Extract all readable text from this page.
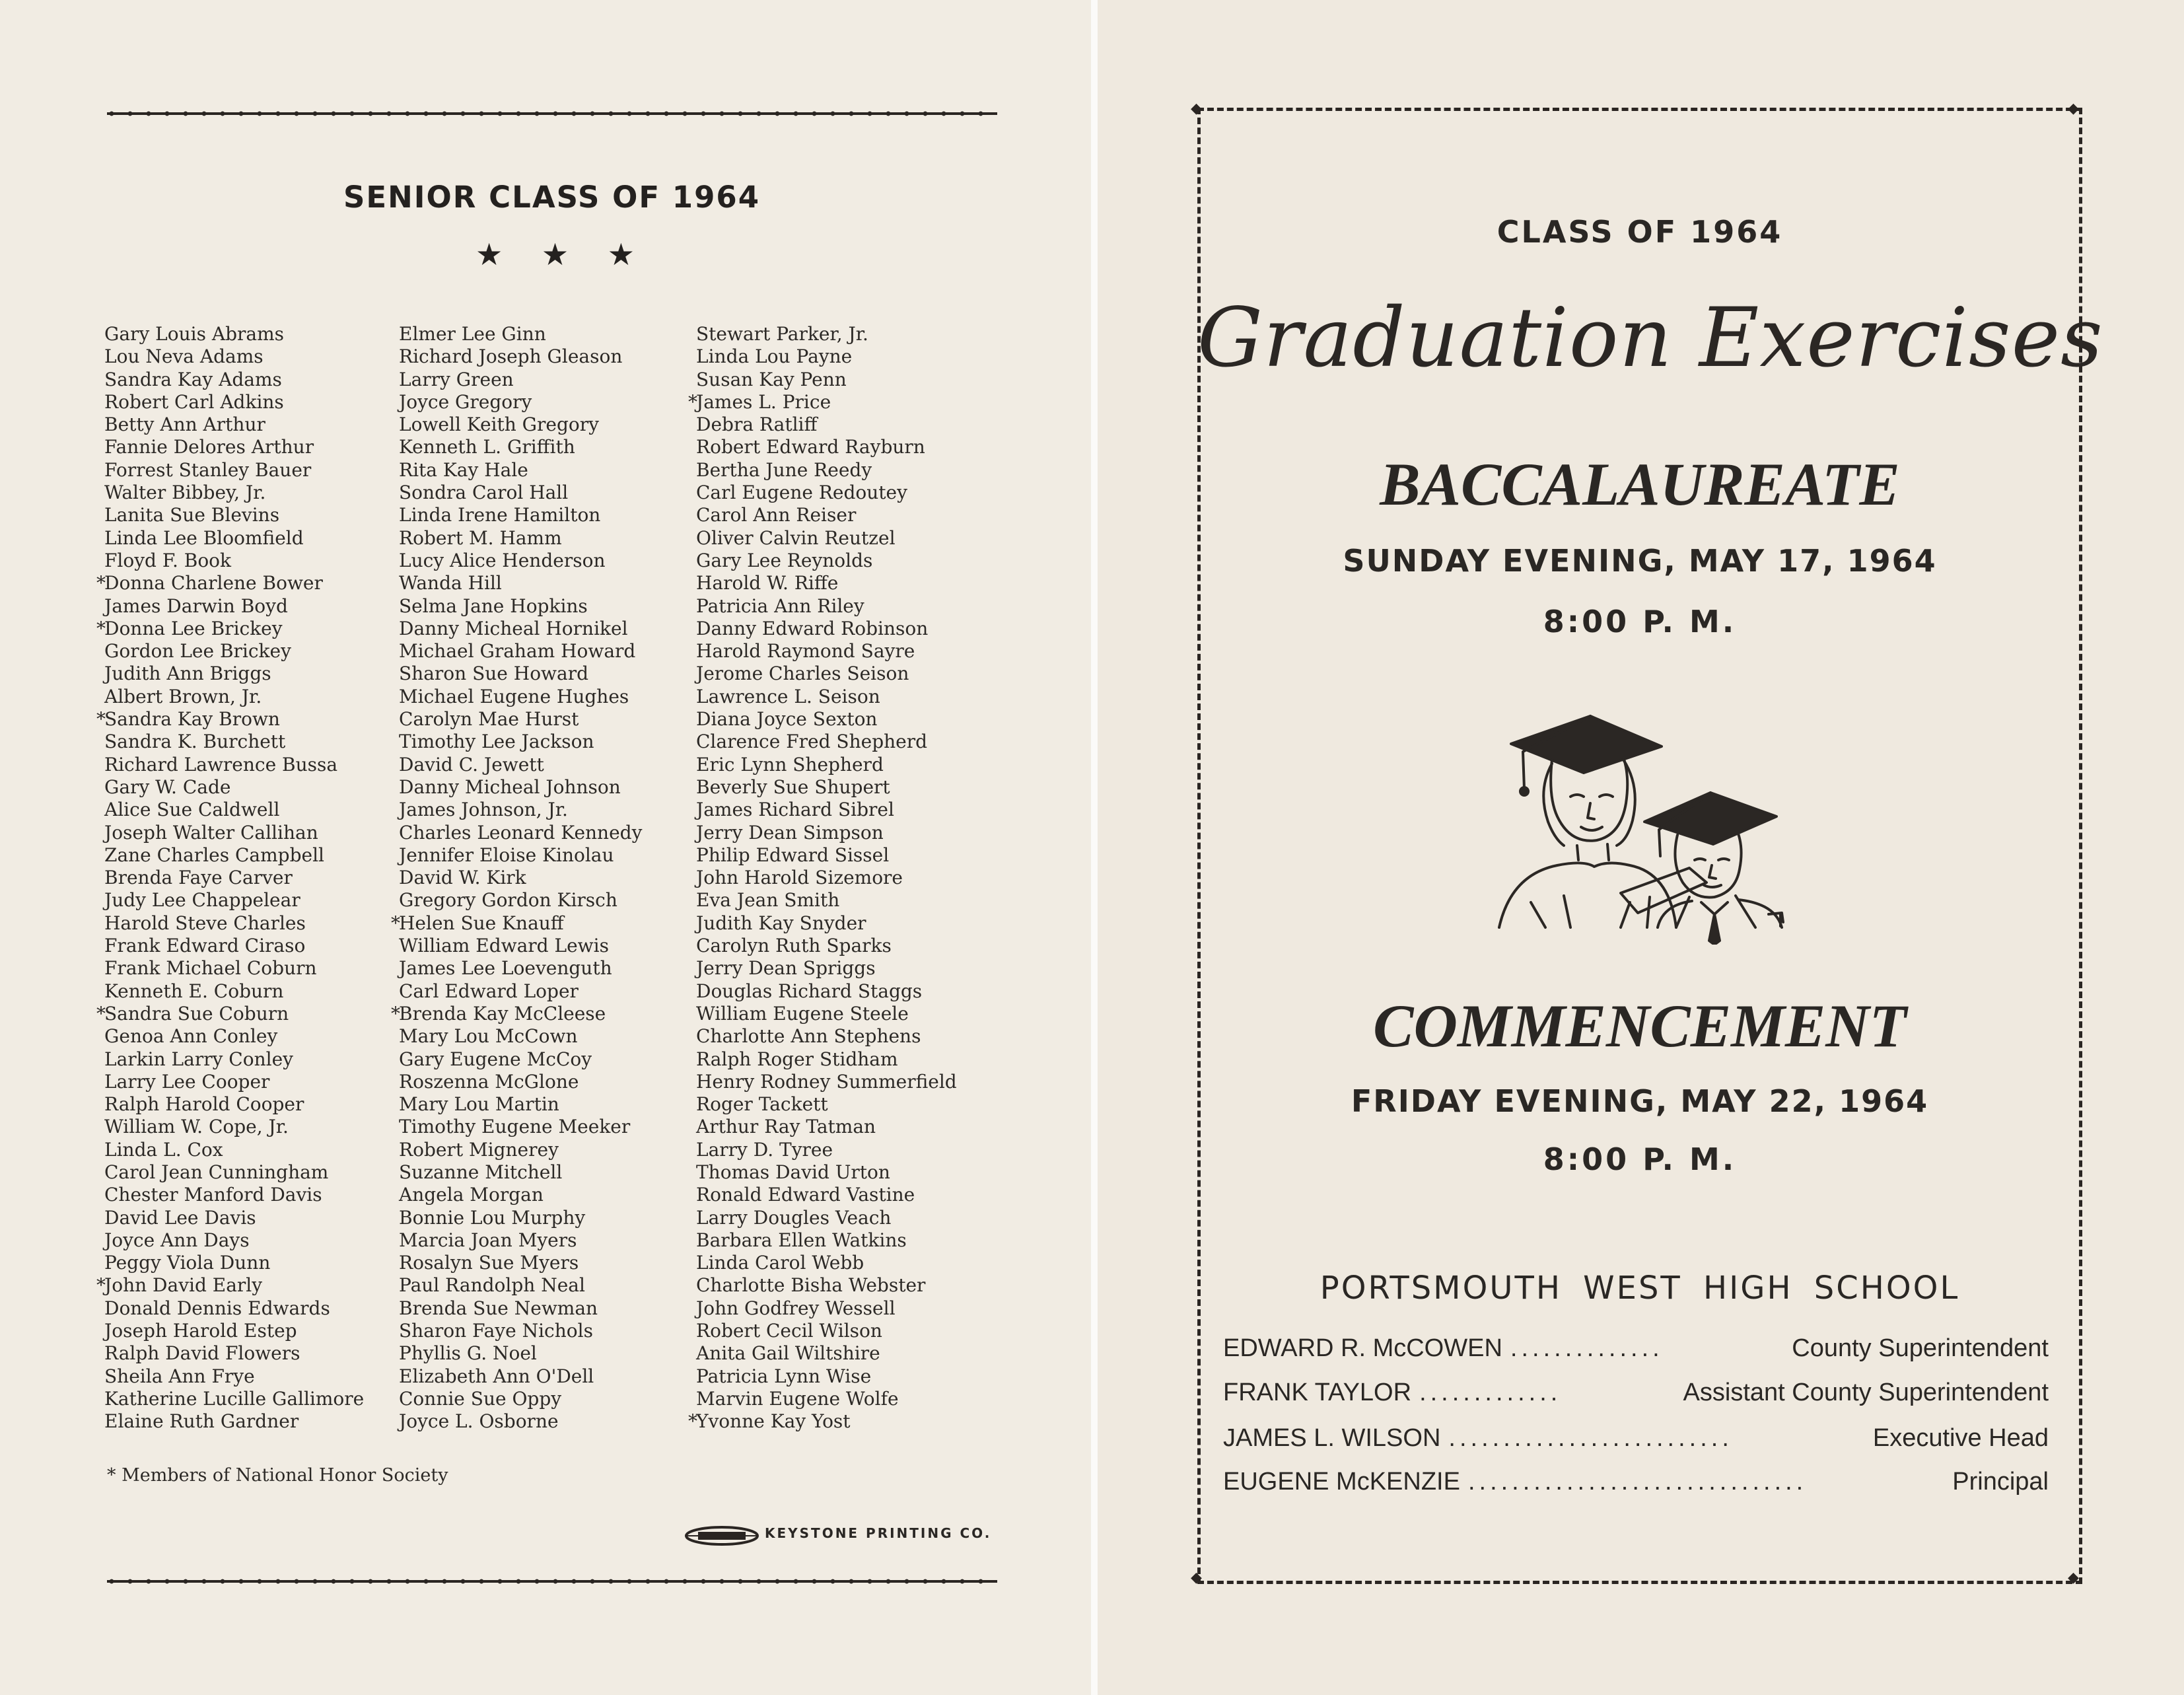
SENIOR CLASS OF 1964
★ ★ ★
Gary Louis Abrams
Lou Neva Adams
Sandra Kay Adams
Robert Carl Adkins
Betty Ann Arthur
Fannie Delores Arthur
Forrest Stanley Bauer
Walter Bibbey, Jr.
Lanita Sue Blevins
Linda Lee Bloomfield
Floyd F. Book
*
Donna Charlene Bower
James Darwin Boyd
*
Donna Lee Brickey
Gordon Lee Brickey
Judith Ann Briggs
Albert Brown, Jr.
*
Sandra Kay Brown
Sandra K. Burchett
Richard Lawrence Bussa
Gary W. Cade
Alice Sue Caldwell
Joseph Walter Callihan
Zane Charles Campbell
Brenda Faye Carver
Judy Lee Chappelear
Harold Steve Charles
Frank Edward Ciraso
Frank Michael Coburn
Kenneth E. Coburn
*
Sandra Sue Coburn
Genoa Ann Conley
Larkin Larry Conley
Larry Lee Cooper
Ralph Harold Cooper
William W. Cope, Jr.
Linda L. Cox
Carol Jean Cunningham
Chester Manford Davis
David Lee Davis
Joyce Ann Days
Peggy Viola Dunn
*
John David Early
Donald Dennis Edwards
Joseph Harold Estep
Ralph David Flowers
Sheila Ann Frye
Katherine Lucille Gallimore
Elaine Ruth Gardner
Elmer Lee Ginn
Richard Joseph Gleason
Larry Green
Joyce Gregory
Lowell Keith Gregory
Kenneth L. Griffith
Rita Kay Hale
Sondra Carol Hall
Linda Irene Hamilton
Robert M. Hamm
Lucy Alice Henderson
Wanda Hill
Selma Jane Hopkins
Danny Micheal Hornikel
Michael Graham Howard
Sharon Sue Howard
Michael Eugene Hughes
Carolyn Mae Hurst
Timothy Lee Jackson
David C. Jewett
Danny Micheal Johnson
James Johnson, Jr.
Charles Leonard Kennedy
Jennifer Eloise Kinolau
David W. Kirk
Gregory Gordon Kirsch
*
Helen Sue Knauff
William Edward Lewis
James Lee Loevenguth
Carl Edward Loper
*
Brenda Kay McCleese
Mary Lou McCown
Gary Eugene McCoy
Roszenna McGlone
Mary Lou Martin
Timothy Eugene Meeker
Robert Mignerey
Suzanne Mitchell
Angela Morgan
Bonnie Lou Murphy
Marcia Joan Myers
Rosalyn Sue Myers
Paul Randolph Neal
Brenda Sue Newman
Sharon Faye Nichols
Phyllis G. Noel
Elizabeth Ann O'Dell
Connie Sue Oppy
Joyce L. Osborne
Stewart Parker, Jr.
Linda Lou Payne
Susan Kay Penn
*
James L. Price
Debra Ratliff
Robert Edward Rayburn
Bertha June Reedy
Carl Eugene Redoutey
Carol Ann Reiser
Oliver Calvin Reutzel
Gary Lee Reynolds
Harold W. Riffe
Patricia Ann Riley
Danny Edward Robinson
Harold Raymond Sayre
Jerome Charles Seison
Lawrence L. Seison
Diana Joyce Sexton
Clarence Fred Shepherd
Eric Lynn Shepherd
Beverly Sue Shupert
James Richard Sibrel
Jerry Dean Simpson
Philip Edward Sissel
John Harold Sizemore
Eva Jean Smith
Judith Kay Snyder
Carolyn Ruth Sparks
Jerry Dean Spriggs
Douglas Richard Staggs
William Eugene Steele
Charlotte Ann Stephens
Ralph Roger Stidham
Henry Rodney Summerfield
Roger Tackett
Arthur Ray Tatman
Larry D. Tyree
Thomas David Urton
Ronald Edward Vastine
Larry Dougles Veach
Barbara Ellen Watkins
Linda Carol Webb
Charlotte Bisha Webster
John Godfrey Wessell
Robert Cecil Wilson
Anita Gail Wiltshire
Patricia Lynn Wise
Marvin Eugene Wolfe
*
Yvonne Kay Yost
* Members of National Honor Society
KEYSTONE PRINTING CO.
◆	◆
◆	◆
CLASS OF 1964
Graduation Exercises
BACCALAUREATE
SUNDAY EVENING, MAY 17, 1964
8:00 P. M.
COMMENCEMENT
FRIDAY EVENING, MAY 22, 1964
8:00 P. M.
PORTSMOUTH WEST HIGH SCHOOL
EDWARD R. McCOWEN ..............	County Superintendent
FRANK TAYLOR .............	Assistant County Superintendent
JAMES L. WILSON ..........................	Executive Head
EUGENE McKENZIE ...............................	Principal
